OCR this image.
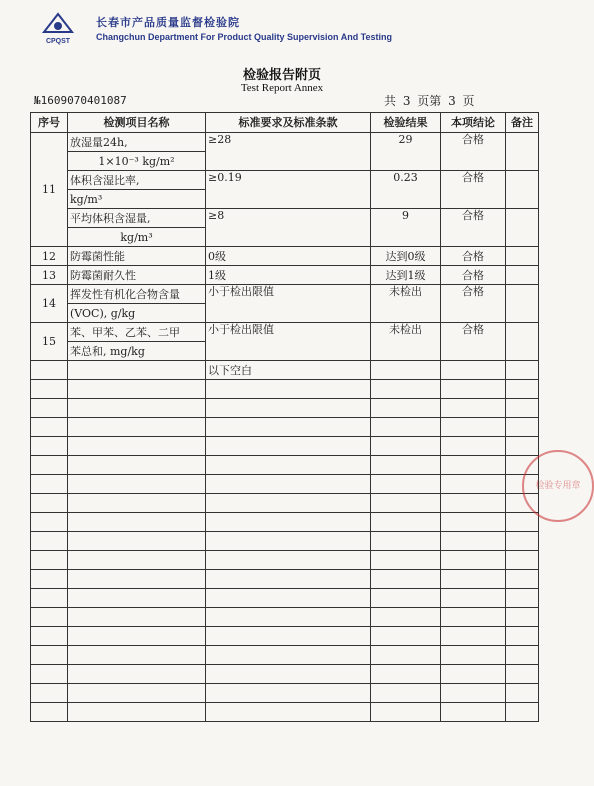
CPQST
长春市产品质量监督检验院
Changchun Department For Product Quality Supervision And Testing
检验报告附页
Test Report Annex
№1609070401087	共 3 页第 3 页
序号	检测项目名称	标准要求及标准条款	检验结果	本项结论	备注
11	放湿量24h,	≥28	29	合格	
	1×10⁻³ kg/m²				
	体积含湿比率,	≥0.19	0.23	合格	
	kg/m³				
	平均体积含湿量,	≥8	9	合格	
	kg/m³				
12	防霉菌性能	0级	达到0级	合格	
13	防霉菌耐久性	1级	达到1级	合格	
14	挥发性有机化合物含量	小于检出限值	未检出	合格	
	(VOC), g/kg				
15	苯、甲苯、乙苯、二甲	小于检出限值	未检出	合格	
	苯总和, mg/kg				
		以下空白			

检验专用章
